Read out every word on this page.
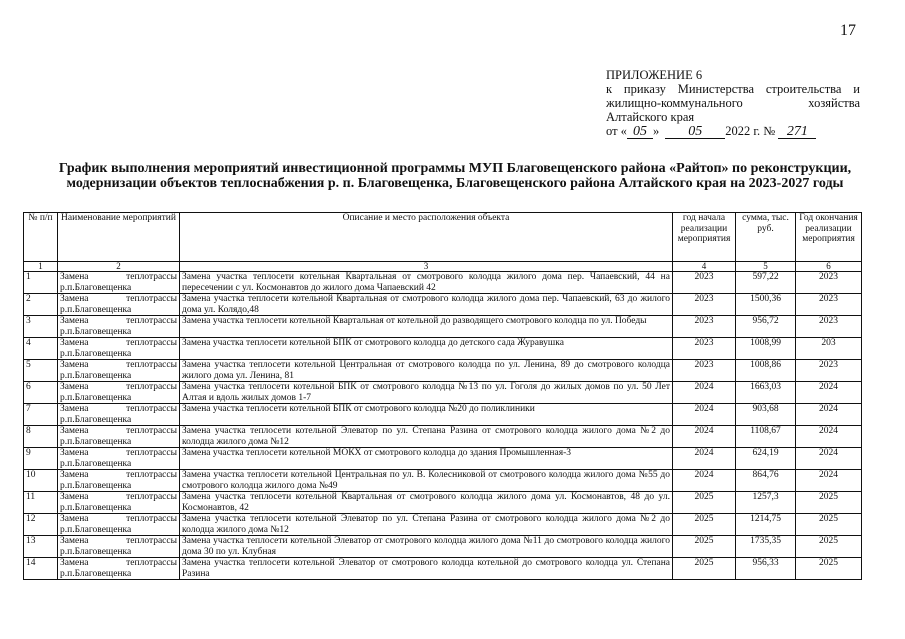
17
ПРИЛОЖЕНИЕ 6
к приказу Министерства строительства и
жилищно-коммунального хозяйства
Алтайского края
от « 05 » 05 2022 г. № 271
График выполнения мероприятий инвестиционной программы МУП Благовещенского района «Райтоп» по реконструкции,
модернизации объектов теплоснабжения р. п. Благовещенка, Благовещенского района Алтайского края на 2023-2027 годы
№ п/п	Наименование мероприятий	Описание и место расположения объекта	год начала реализации мероприятия	сумма, тыс. руб.	Год окончания реализации мероприятия
1	2	3	4	5	6
1	Замена теплотрассы
р.п.Благовещенка	Замена участка теплосети котельная Квартальная от смотрового колодца жилого дома пер. Чапаевский, 44 на пересечении с ул. Космонавтов до жилого дома Чапаевский 42	2023	597,22	2023
2	Замена теплотрассы
р.п.Благовещенка	Замена участка теплосети котельной Квартальная от смотрового колодца жилого дома пер. Чапаевский, 63 до жилого дома ул. Колядо,48	2023	1500,36	2023
3	Замена теплотрассы
р.п.Благовещенка	Замена участка теплосети котельной Квартальная от котельной до разводящего смотрового колодца по ул. Победы	2023	956,72	2023
4	Замена теплотрассы
р.п.Благовещенка	Замена участка теплосети котельной БПК от смотрового колодца до детского сада Журавушка	2023	1008,99	203
5	Замена теплотрассы
р.п.Благовещенка	Замена участка теплосети котельной Центральная от смотрового колодца по ул. Ленина, 89 до смотрового колодца жилого дома ул. Ленина, 81	2023	1008,86	2023
6	Замена теплотрассы
р.п.Благовещенка	Замена участка теплосети котельной БПК от смотрового колодца №13 по ул. Гоголя до жилых домов по ул. 50 Лет Алтая и вдоль жилых домов 1-7	2024	1663,03	2024
7	Замена теплотрассы
р.п.Благовещенка	Замена участка теплосети котельной БПК от смотрового колодца №20 до поликлиники	2024	903,68	2024
8	Замена теплотрассы
р.п.Благовещенка	Замена участка теплосети котельной Элеватор по ул. Степана Разина от смотрового колодца жилого дома №2 до колодца жилого дома №12	2024	1108,67	2024
9	Замена теплотрассы
р.п.Благовещенка	Замена участка теплосети котельной МОКХ от смотрового колодца до здания Промышленная-3	2024	624,19	2024
10	Замена теплотрассы
р.п.Благовещенка	Замена участка теплосети котельной Центральная по ул. В. Колесниковой от смотрового колодца жилого дома №55 до смотрового колодца жилого дома №49	2024	864,76	2024
11	Замена теплотрассы
р.п.Благовещенка	Замена участка теплосети котельной Квартальная от смотрового колодца жилого дома ул. Космонавтов, 48 до ул. Космонавтов, 42	2025	1257,3	2025
12	Замена теплотрассы
р.п.Благовещенка	Замена участка теплосети котельной Элеватор по ул. Степана Разина от смотрового колодца жилого дома №2 до колодца жилого дома №12	2025	1214,75	2025
13	Замена теплотрассы
р.п.Благовещенка	Замена участка теплосети котельной Элеватор от смотрового колодца жилого дома №11 до смотрового колодца жилого дома 30 по ул. Клубная	2025	1735,35	2025
14	Замена теплотрассы
р.п.Благовещенка	Замена участка теплосети котельной Элеватор от смотрового колодца котельной до смотрового колодца ул. Степана Разина	2025	956,33	2025
